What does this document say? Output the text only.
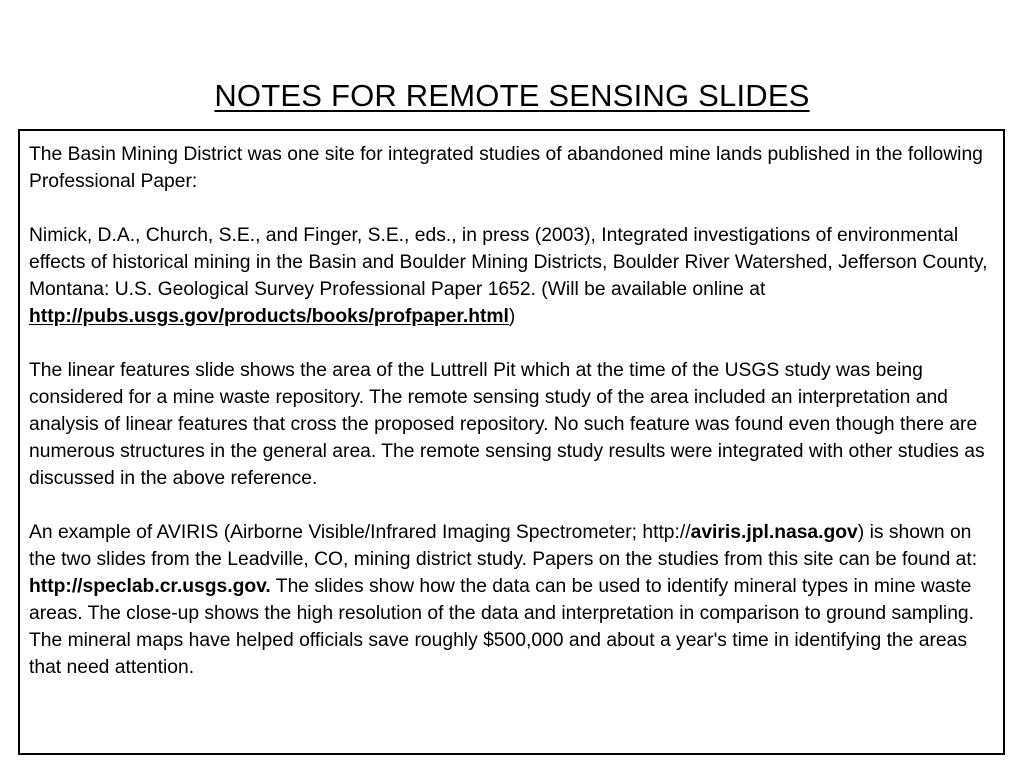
NOTES FOR REMOTE SENSING SLIDES

The Basin Mining District was one site for integrated studies of abandoned mine lands published in the following Professional Paper:

Nimick, D.A., Church, S.E., and Finger, S.E., eds., in press (2003), Integrated investigations of environmental effects of historical mining in the Basin and Boulder Mining Districts, Boulder River Watershed, Jefferson County, Montana: U.S. Geological Survey Professional Paper 1652. (Will be available online at http://pubs.usgs.gov/products/books/profpaper.html)

The linear features slide shows the area of the Luttrell Pit which at the time of the USGS study was being considered for a mine waste repository. The remote sensing study of the area included an interpretation and analysis of linear features that cross the proposed repository. No such feature was found even though there are numerous structures in the general area. The remote sensing study results were integrated with other studies as discussed in the above reference.

An example of AVIRIS (Airborne Visible/Infrared Imaging Spectrometer; http://aviris.jpl.nasa.gov) is shown on the two slides from the Leadville, CO, mining district study. Papers on the studies from this site can be found at: http://speclab.cr.usgs.gov. The slides show how the data can be used to identify mineral types in mine waste areas. The close-up shows the high resolution of the data and interpretation in comparison to ground sampling. The mineral maps have helped officials save roughly $500,000 and about a year's time in identifying the areas that need attention.
